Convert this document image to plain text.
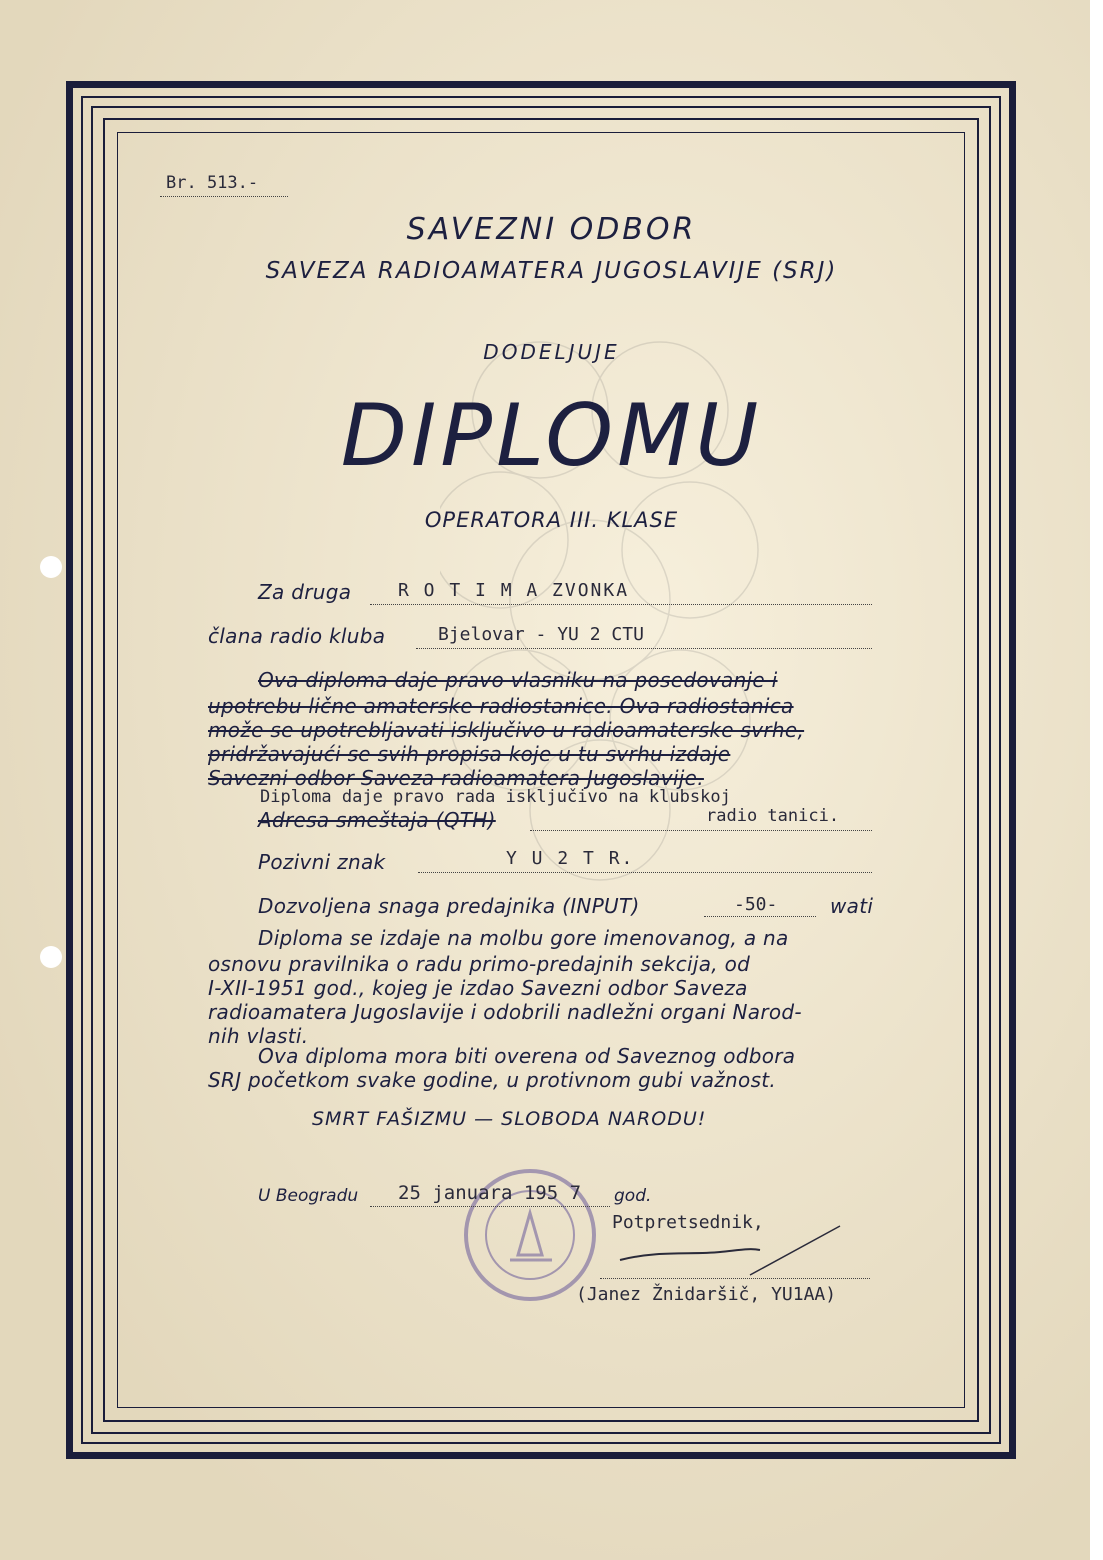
Br. 513.-
SAVEZNI ODBOR
SAVEZA RADIOAMATERA JUGOSLAVIJE (SRJ)
DODELJUJE
DIPLOMU
OPERATORA III. KLASE
Za druga	R O T I M A ZVONKA
člana radio kluba	Bjelovar - YU 2 CTU
Ova diploma daje pravo vlasniku na posedovanje i
upotrebu lične amaterske radiostanice. Ova radiostanica
može se upotrebljavati isključivo u radioamaterske svrhe,
pridržavajući se svih propisa koje u tu svrhu izdaje
Savezni odbor Saveza radioamatera Jugoslavije.
Diploma daje pravo rada isključivo na klubskoj
Adresa smeštaja (QTH)	radio tanici.
Pozivni znak	Y U 2 T R.
Dozvoljena snaga predajnika (INPUT)	-50-	wati
Diploma se izdaje na molbu gore imenovanog, a na
osnovu pravilnika o radu primo-predajnih sekcija, od
I-XII-1951 god., kojeg je izdao Savezni odbor Saveza
radioamatera Jugoslavije i odobrili nadležni organi Narod-
nih vlasti.
Ova diploma mora biti overena od Saveznog odbora
SRJ početkom svake godine, u protivnom gubi važnost.
SMRT FAŠIZMU — SLOBODA NARODU!
U Beogradu 25 januara 195 7 god.
Potpretsednik,
(Janez Žnidaršič, YU1AA)
